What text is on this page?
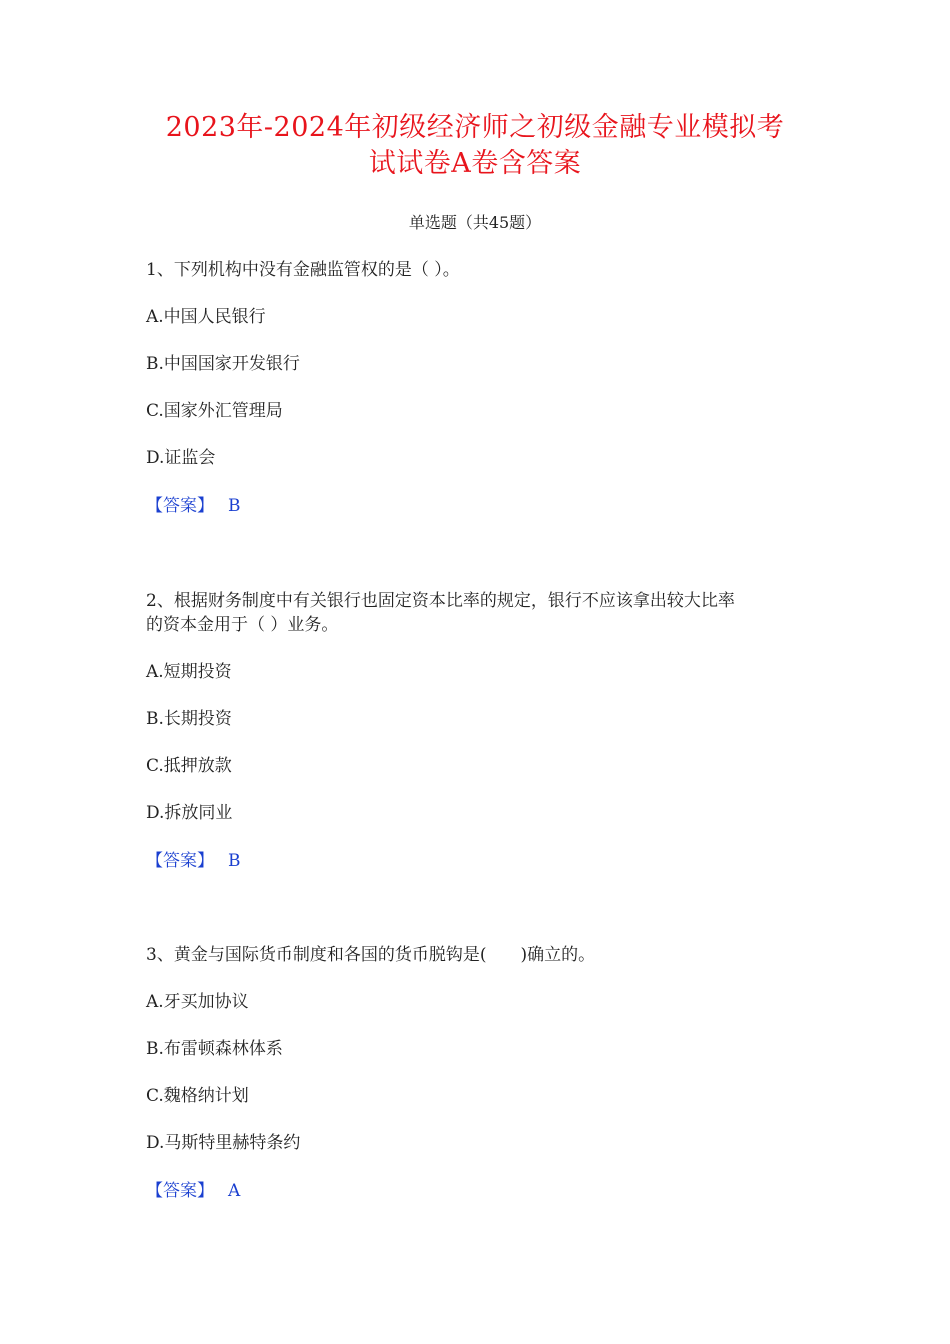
2023年-2024年初级经济师之初级金融专业模拟考
试试卷A卷含答案
单选题（共45题）
1、下列机构中没有金融监管权的是（ ）。
A.中国人民银行
B.中国国家开发银行
C.国家外汇管理局
D.证监会
【答案】 B
2、根据财务制度中有关银行也固定资本比率的规定，银行不应该拿出较大比率
的资本金用于（ ）业务。
A.短期投资
B.长期投资
C.抵押放款
D.拆放同业
【答案】 B
3、黄金与国际货币制度和各国的货币脱钩是(　　)确立的。
A.牙买加协议
B.布雷顿森林体系
C.魏格纳计划
D.马斯特里赫特条约
【答案】 A
